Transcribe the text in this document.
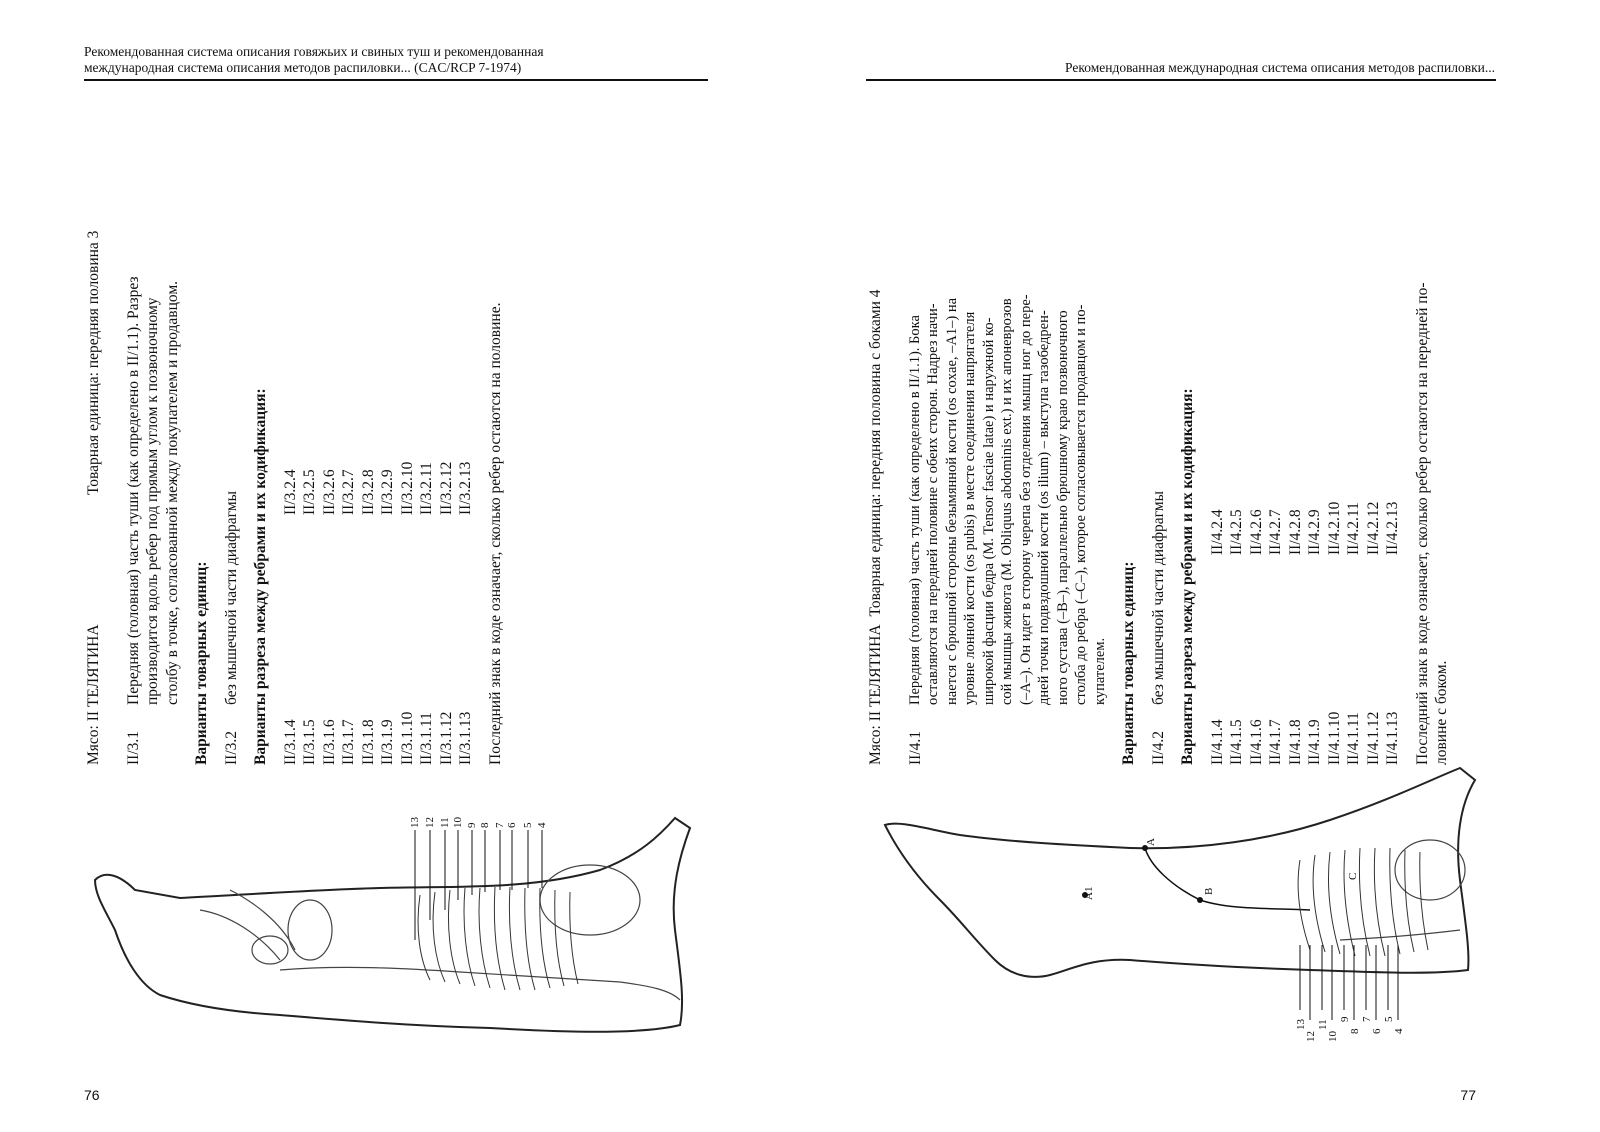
Рекомендованная система описания говяжьих и свиных туш и рекомендованная
международная система описания методов распиловки... (CAC/RCP 7-1974)
Мясо: II ТЕЛЯТИНА
Товарная единица: передняя половина 3
II/3.1
Передняя (головная) часть туши (как определено в II/1.1). Разрез производится вдоль ребер под прямым углом к позвоночному столбу в точке, согласованной между покупателем и продавцом. Варианты товарных единиц: II/3.2
без мышечной части диафрагмы Варианты разреза между ребрами и их кодификация: II/3.1.4 II/3.1.5 II/3.1.6 II/3.1.7 II/3.1.8 II/3.1.9 II/3.1.10 II/3.1.11 II/3.1.12 II/3.1.13
II/3.2.4 II/3.2.5 II/3.2.6 II/3.2.7 II/3.2.8 II/3.2.9 II/3.2.10 II/3.2.11 II/3.2.12 II/3.2.13 Последний знак в коде означает, сколько ребер остаются на половине.
13 12 11 10 9 8 7 6 5 4
76
Рекомендованная международная система описания методов распиловки...
Мясо: II ТЕЛЯТИНА
Товарная единица: передняя половина с боками 4
II/4.1
Передняя (головная) часть туши (как определено в II/1.1). Бока оставляются на передней половине с обеих сторон. Надрез начи- нается с брюшной стороны безымянной кости (os coxae, –A1–) на уровне лонной кости (os pubis) в месте соединения напрягателя широкой фасции бедра (M. Tensor fasciae latae) и наружной ко- сой мышцы живота (M. Obliquus abdominis ext.) и их апоневрозов (–A–). Он идет в сторону черепа без отделения мышц ног до пере- дней точки подвздошной кости (os ilium) – выступа тазобедрен- ного сустава (–B–), параллельно брюшному краю позвоночного столба до ребра (–C–), которое согласовывается продавцом и по- купателем. Варианты товарных единиц: II/4.2
без мышечной части диафрагмы Варианты разреза между ребрами и их кодификация: II/4.1.4 II/4.1.5 II/4.1.6 II/4.1.7 II/4.1.8 II/4.1.9 II/4.1.10 II/4.1.11 II/4.1.12 II/4.1.13
II/4.2.4 II/4.2.5 II/4.2.6 II/4.2.7 II/4.2.8 II/4.2.9 II/4.2.10 II/4.2.11 II/4.2.12 II/4.2.13 Последний знак в коде означает, сколько ребер остаются на передней по- ловине с боком.
A
A1	B
C
13
12
11
10
9
8
7
6
5
4
77
